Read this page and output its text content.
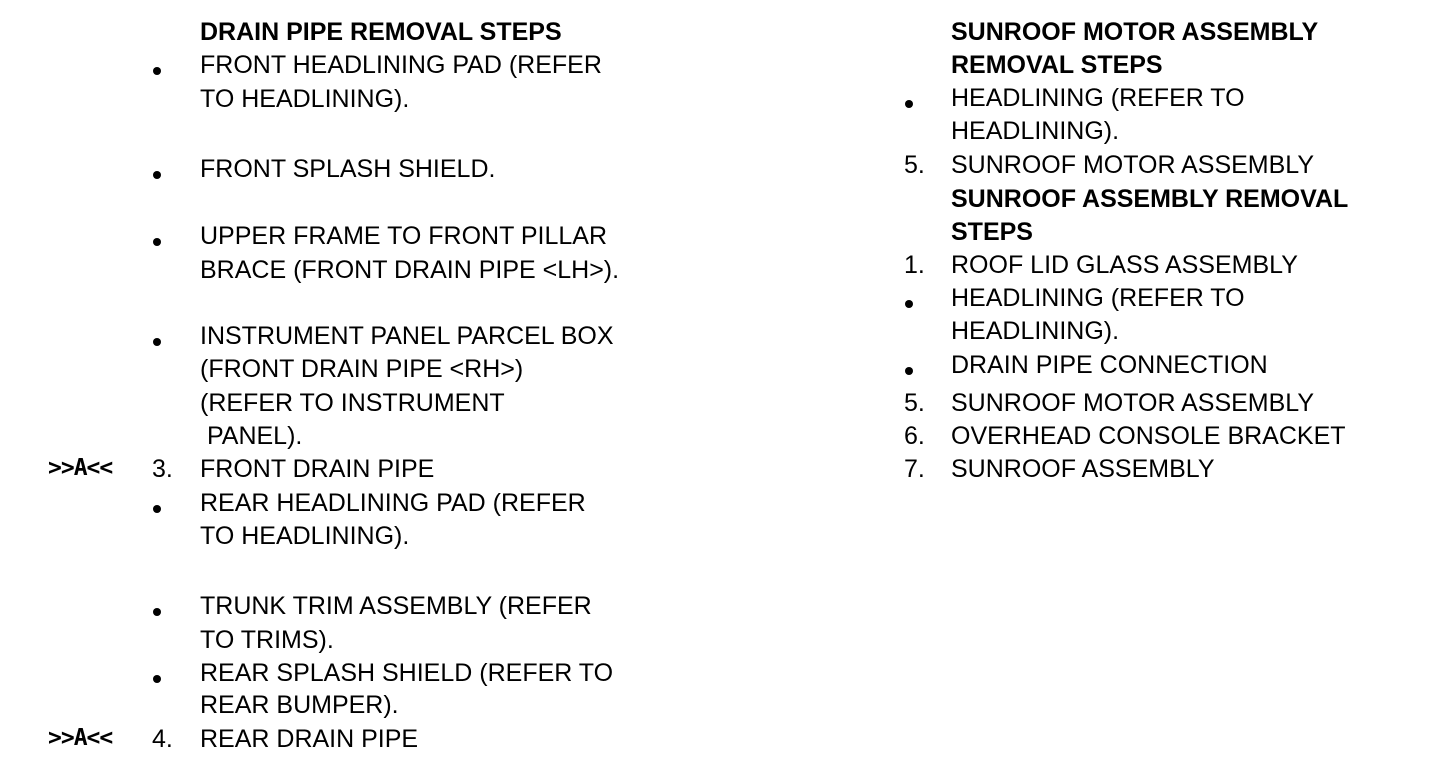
DRAIN PIPE REMOVAL STEPS
FRONT HEADLINING PAD (REFER
TO HEADLINING).
FRONT SPLASH SHIELD.
UPPER FRAME TO FRONT PILLAR
BRACE (FRONT DRAIN PIPE <LH>).
INSTRUMENT PANEL PARCEL BOX
(FRONT DRAIN PIPE <RH>)
(REFER TO INSTRUMENT
PANEL).
>>A<< 3. FRONT DRAIN PIPE
REAR HEADLINING PAD (REFER
TO HEADLINING).
TRUNK TRIM ASSEMBLY (REFER
TO TRIMS).
REAR SPLASH SHIELD (REFER TO
REAR BUMPER).
>>A<< 4. REAR DRAIN PIPE
SUNROOF MOTOR ASSEMBLY
REMOVAL STEPS
HEADLINING (REFER TO
HEADLINING).
5. SUNROOF MOTOR ASSEMBLY
SUNROOF ASSEMBLY REMOVAL
STEPS
1. ROOF LID GLASS ASSEMBLY
HEADLINING (REFER TO
HEADLINING).
DRAIN PIPE CONNECTION
5. SUNROOF MOTOR ASSEMBLY
6. OVERHEAD CONSOLE BRACKET
7. SUNROOF ASSEMBLY
